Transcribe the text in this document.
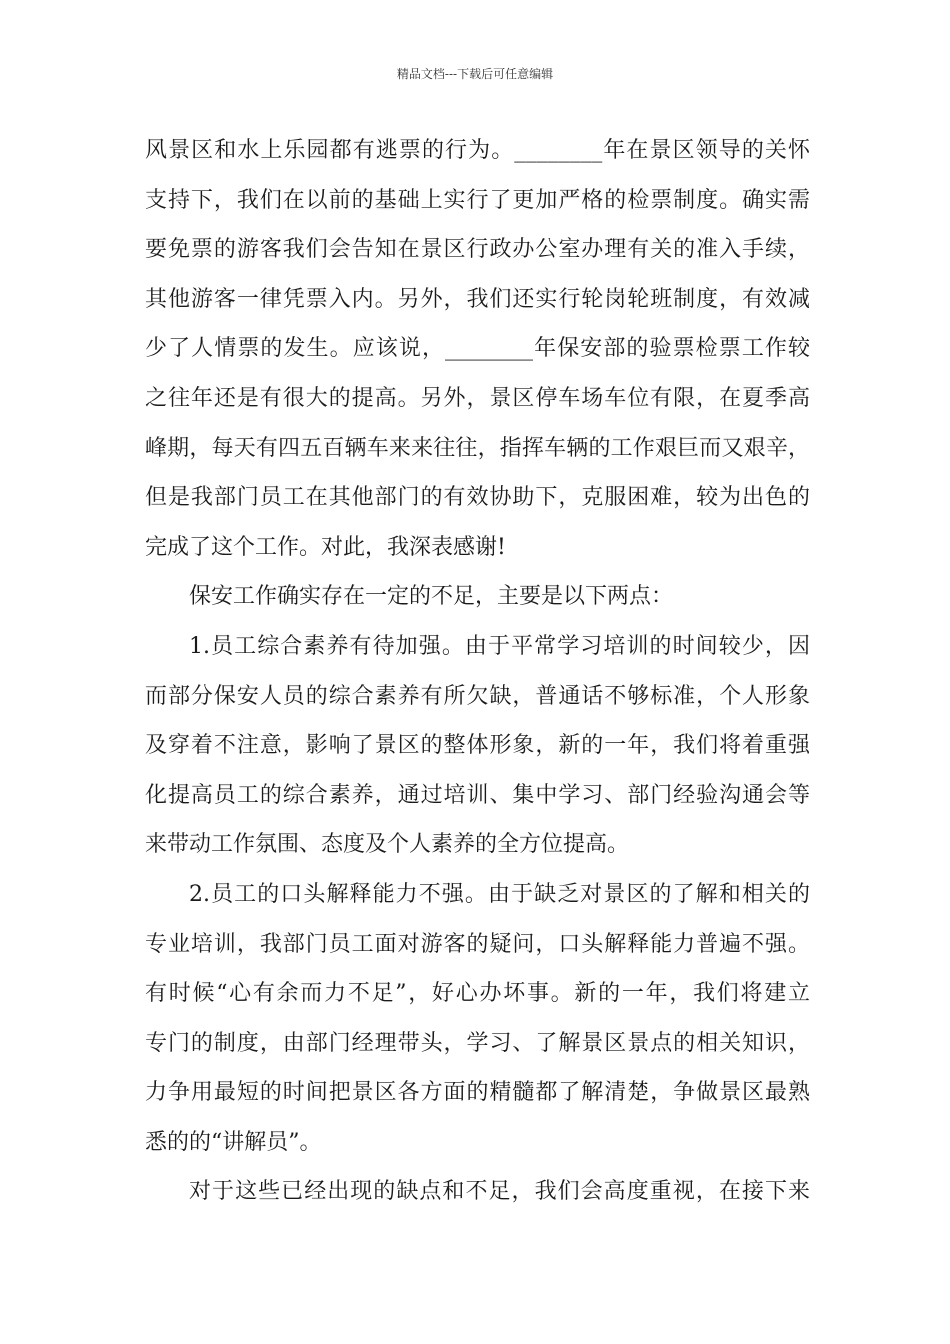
精品文档---下载后可任意编辑
风景区和水上乐园都有逃票的行为。________年在景区领导的关怀
支持下，我们在以前的基础上实行了更加严格的检票制度。确实需
要免票的游客我们会告知在景区行政办公室办理有关的准入手续，
其他游客一律凭票入内。另外，我们还实行轮岗轮班制度，有效减
少了人情票的发生。应该说，________年保安部的验票检票工作较
之往年还是有很大的提高。另外，景区停车场车位有限，在夏季高
峰期，每天有四五百辆车来来往往，指挥车辆的工作艰巨而又艰辛，
但是我部门员工在其他部门的有效协助下，克服困难，较为出色的
完成了这个工作。对此，我深表感谢!
保安工作确实存在一定的不足，主要是以下两点：
1.员工综合素养有待加强。由于平常学习培训的时间较少，因
而部分保安人员的综合素养有所欠缺，普通话不够标准，个人形象
及穿着不注意，影响了景区的整体形象，新的一年，我们将着重强
化提高员工的综合素养，通过培训、集中学习、部门经验沟通会等
来带动工作氛围、态度及个人素养的全方位提高。
2.员工的口头解释能力不强。由于缺乏对景区的了解和相关的
专业培训，我部门员工面对游客的疑问，口头解释能力普遍不强。
有时候“心有余而力不足”，好心办坏事。新的一年，我们将建立
专门的制度，由部门经理带头，学习、了解景区景点的相关知识，
力争用最短的时间把景区各方面的精髓都了解清楚，争做景区最熟
悉的的“讲解员”。
对于这些已经出现的缺点和不足，我们会高度重视，在接下来
